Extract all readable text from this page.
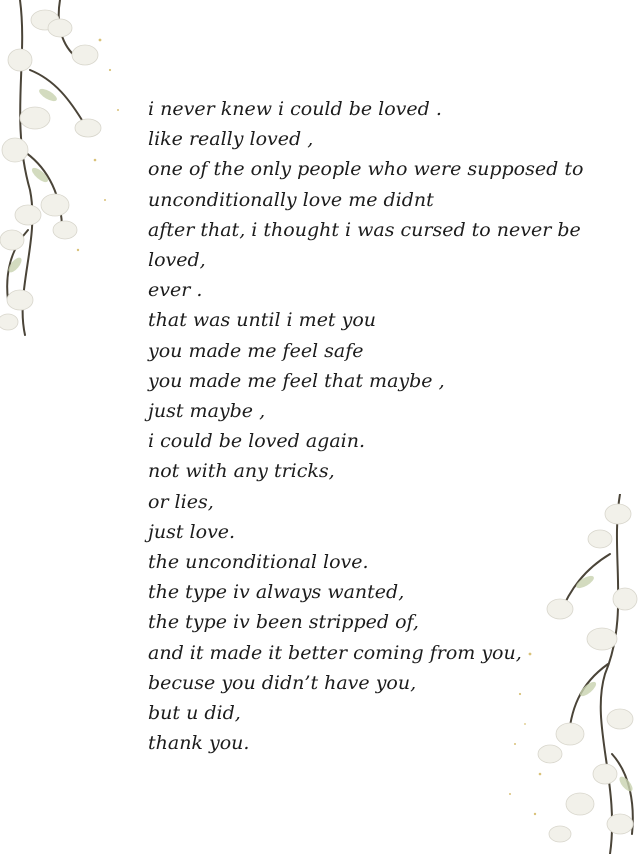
i never knew i could be loved .
like really loved ,
one of the only people who were supposed to
unconditionally love me didnt
after that, i thought i was cursed to never be
loved,
ever .
that was until i met you
you made me feel safe
you made me feel that maybe ,
just maybe ,
i could be loved again.
not with any tricks,
or lies,
just love.
the unconditional love.
the type iv always wanted,
the type iv been stripped of,
and it made it better coming from you,
becuse you didn’t have you,
but u did,
thank you.
